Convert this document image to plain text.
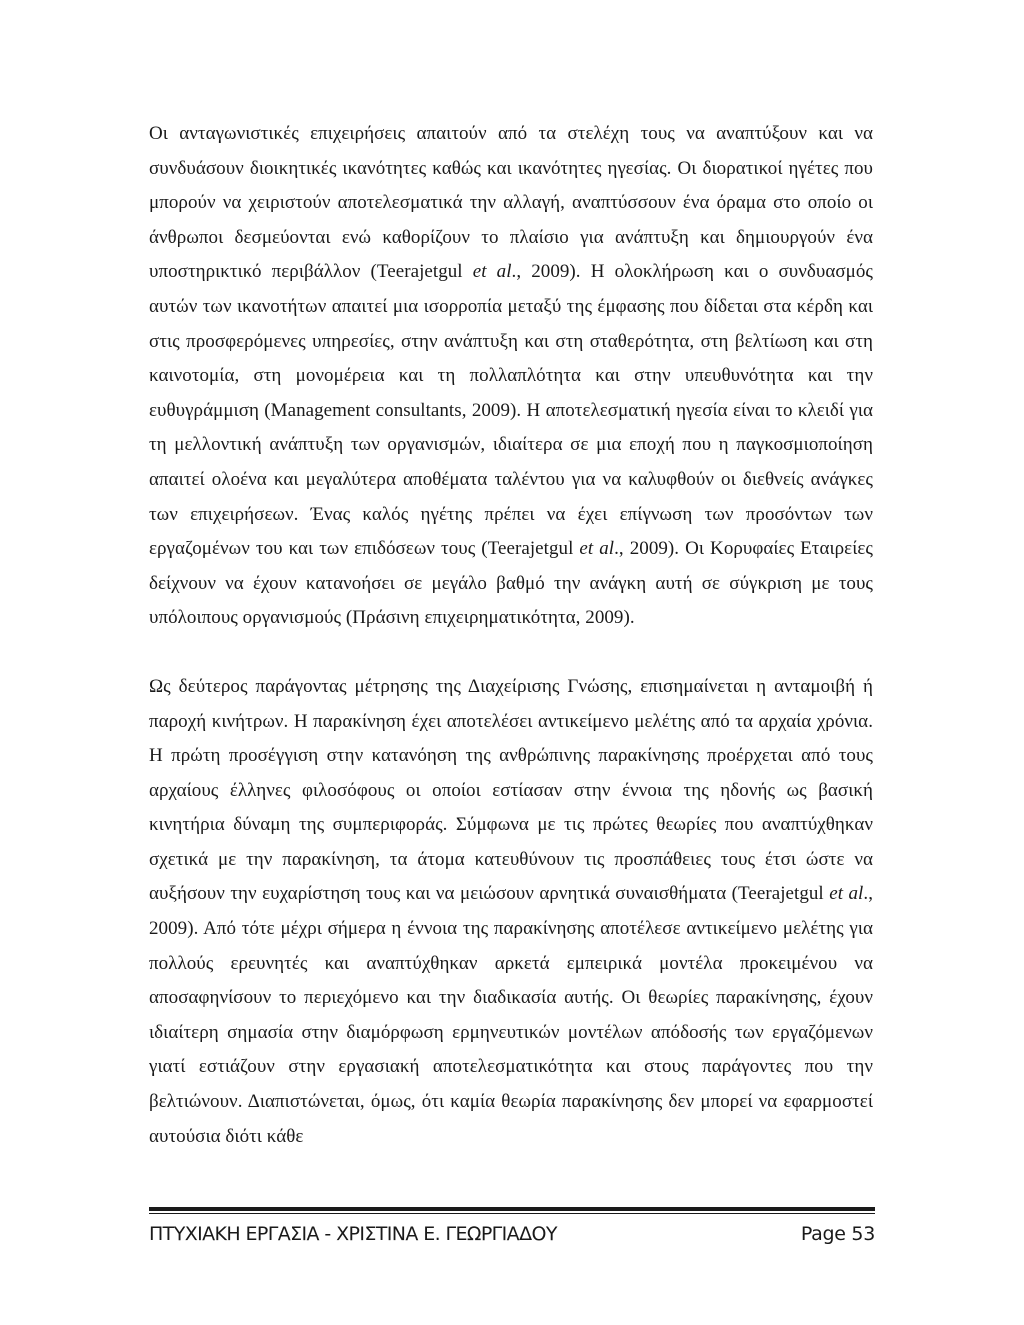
Οι ανταγωνιστικές επιχειρήσεις απαιτούν από τα στελέχη τους να αναπτύξουν και να συνδυάσουν διοικητικές ικανότητες καθώς και ικανότητες ηγεσίας. Οι διορατικοί ηγέτες που μπορούν να χειριστούν αποτελεσματικά την αλλαγή, αναπτύσσουν ένα όραμα στο οποίο οι άνθρωποι δεσμεύονται ενώ καθορίζουν το πλαίσιο για ανάπτυξη και δημιουργούν ένα υποστηρικτικό περιβάλλον (Teerajetgul et al., 2009). Η ολοκλήρωση και ο συνδυασμός αυτών των ικανοτήτων απαιτεί μια ισορροπία μεταξύ της έμφασης που δίδεται στα κέρδη και στις προσφερόμενες υπηρεσίες, στην ανάπτυξη και στη σταθερότητα, στη βελτίωση και στη καινοτομία, στη μονομέρεια και τη πολλαπλότητα και στην υπευθυνότητα και την ευθυγράμμιση (Management consultants, 2009). Η αποτελεσματική ηγεσία είναι το κλειδί για τη μελλοντική ανάπτυξη των οργανισμών, ιδιαίτερα σε μια εποχή που η παγκοσμιοποίηση απαιτεί ολοένα και μεγαλύτερα αποθέματα ταλέντου για να καλυφθούν οι διεθνείς ανάγκες των επιχειρήσεων. Ένας καλός ηγέτης πρέπει να έχει επίγνωση των προσόντων των εργαζομένων του και των επιδόσεων τους (Teerajetgul et al., 2009). Οι Κορυφαίες Εταιρείες δείχνουν να έχουν κατανοήσει σε μεγάλο βαθμό την ανάγκη αυτή σε σύγκριση με τους υπόλοιπους οργανισμούς (Πράσινη επιχειρηματικότητα, 2009).

Ως δεύτερος παράγοντας μέτρησης της Διαχείρισης Γνώσης, επισημαίνεται η ανταμοιβή ή παροχή κινήτρων. Η παρακίνηση έχει αποτελέσει αντικείμενο μελέτης από τα αρχαία χρόνια. Η πρώτη προσέγγιση στην κατανόηση της ανθρώπινης παρακίνησης προέρχεται από τους αρχαίους έλληνες φιλοσόφους οι οποίοι εστίασαν στην έννοια της ηδονής ως βασική κινητήρια δύναμη της συμπεριφοράς. Σύμφωνα με τις πρώτες θεωρίες που αναπτύχθηκαν σχετικά με την παρακίνηση, τα άτομα κατευθύνουν τις προσπάθειες τους έτσι ώστε να αυξήσουν την ευχαρίστηση τους και να μειώσουν αρνητικά συναισθήματα (Teerajetgul et al., 2009). Από τότε μέχρι σήμερα η έννοια της παρακίνησης αποτέλεσε αντικείμενο μελέτης για πολλούς ερευνητές και αναπτύχθηκαν αρκετά εμπειρικά μοντέλα προκειμένου να αποσαφηνίσουν το περιεχόμενο και την διαδικασία αυτής. Οι θεωρίες παρακίνησης, έχουν ιδιαίτερη σημασία στην διαμόρφωση ερμηνευτικών μοντέλων απόδοσής των εργαζόμενων γιατί εστιάζουν στην εργασιακή αποτελεσματικότητα και στους παράγοντες που την βελτιώνουν. Διαπιστώνεται, όμως, ότι καμία θεωρία παρακίνησης δεν μπορεί να εφαρμοστεί αυτούσια διότι κάθε

ΠΤΥΧΙΑΚΗ ΕΡΓΑΣΙΑ - ΧΡΙΣΤΙΝΑ Ε. ΓΕΩΡΓΙΑΔΟΥ	Page 53
